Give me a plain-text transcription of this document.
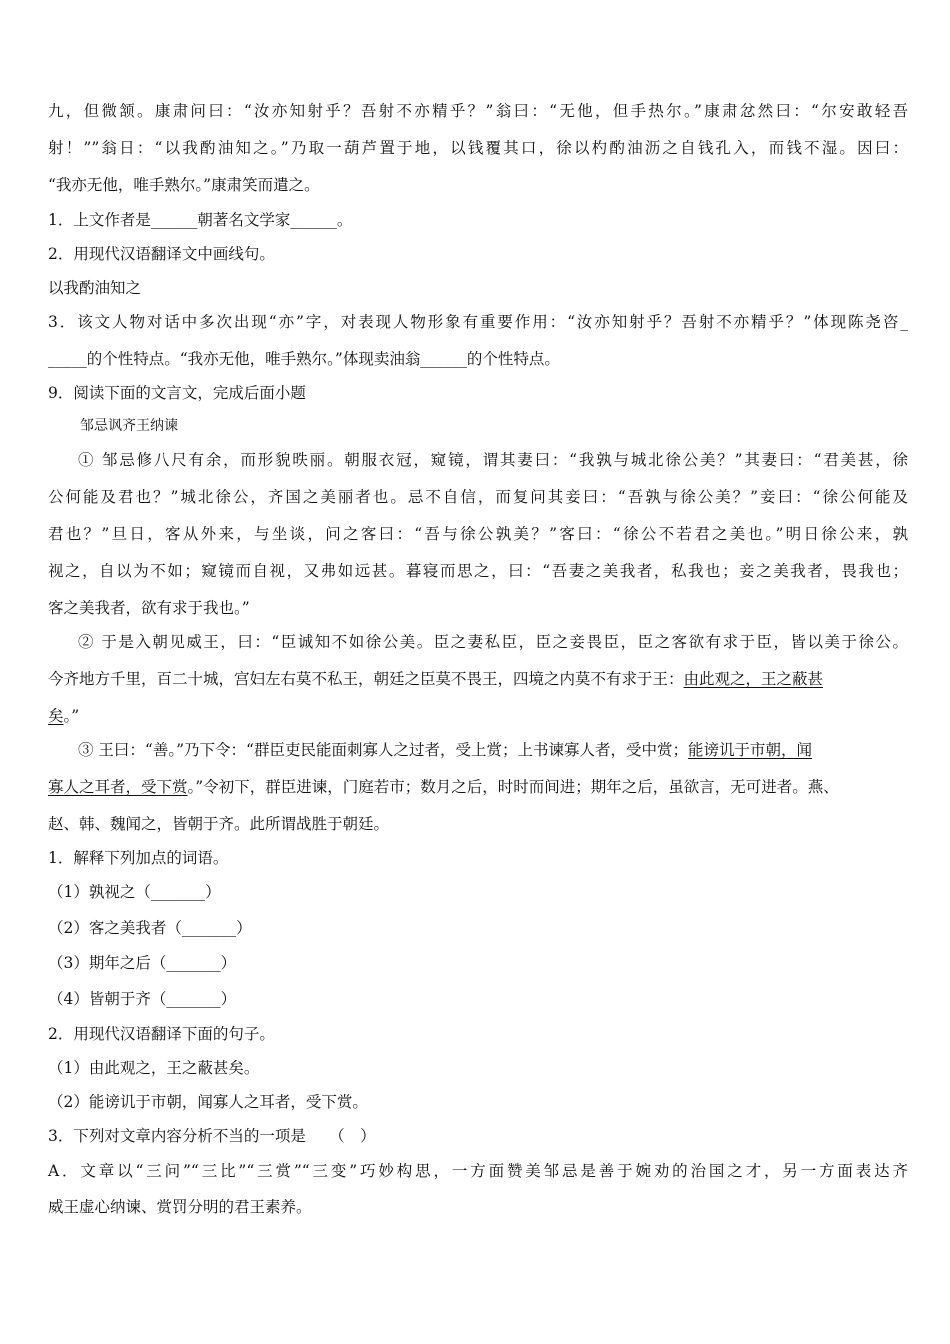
九，但微颔。康肃问曰：“汝亦知射乎？吾射不亦精乎？”翁曰：“无他，但手热尔。”康肃忿然曰：“尔安敢轻吾
射！””翁日：“以我酌油知之。”乃取一葫芦置于地，以钱覆其口，徐以杓酌油沥之自钱孔入，而钱不湿。因曰：
“我亦无他，唯手熟尔。”康肃笑而遣之。
1．上文作者是______朝著名文学家______。
2．用现代汉语翻译文中画线句。
以我酌油知之
3．该文人物对话中多次出现“亦”字，对表现人物形象有重要作用：“汝亦知射乎？吾射不亦精乎？”体现陈尧咨_
_____的个性特点。“我亦无他，唯手熟尔。”体现卖油翁______的个性特点。
9．阅读下面的文言文，完成后面小题
邹忌讽齐王纳谏
① 邹忌修八尺有余，而形貌昳丽。朝服衣冠，窥镜，谓其妻曰：“我孰与城北徐公美？”其妻曰：“君美甚，徐
公何能及君也？”城北徐公，齐国之美丽者也。忌不自信，而复问其妾曰：“吾孰与徐公美？”妾曰：“徐公何能及
君也？”旦日，客从外来，与坐谈，问之客曰：“吾与徐公孰美？”客曰：“徐公不若君之美也。”明日徐公来，孰
视之，自以为不如；窥镜而自视，又弗如远甚。暮寝而思之，曰：“吾妻之美我者，私我也；妾之美我者，畏我也；
客之美我者，欲有求于我也。”
② 于是入朝见威王，曰：“臣诚知不如徐公美。臣之妻私臣，臣之妾畏臣，臣之客欲有求于臣，皆以美于徐公。
今齐地方千里，百二十城，宫妇左右莫不私王，朝廷之臣莫不畏王，四境之内莫不有求于王：由此观之，王之蔽甚
矣。”
③ 王曰：“善。”乃下令：“群臣吏民能面刺寡人之过者，受上赏；上书谏寡人者，受中赏；能谤讥于市朝，闻
寡人之耳者，受下赏。”令初下，群臣进谏，门庭若市；数月之后，时时而间进；期年之后，虽欲言，无可进者。燕、
赵、韩、魏闻之，皆朝于齐。此所谓战胜于朝廷。
1．解释下列加点的词语。
（1）孰视之（_______）
（2）客之美我者（_______）
（3）期年之后（_______）
（4）皆朝于齐（_______）
2．用现代汉语翻译下面的句子。
（1）由此观之，王之蔽甚矣。
（2）能谤讥于市朝，闻寡人之耳者，受下赏。
3．下列对文章内容分析不当的一项是　　（　）
A．文章以“三问”“三比”“三赏”“三变”巧妙构思，一方面赞美邹忌是善于婉劝的治国之才，另一方面表达齐
威王虚心纳谏、赏罚分明的君王素养。
